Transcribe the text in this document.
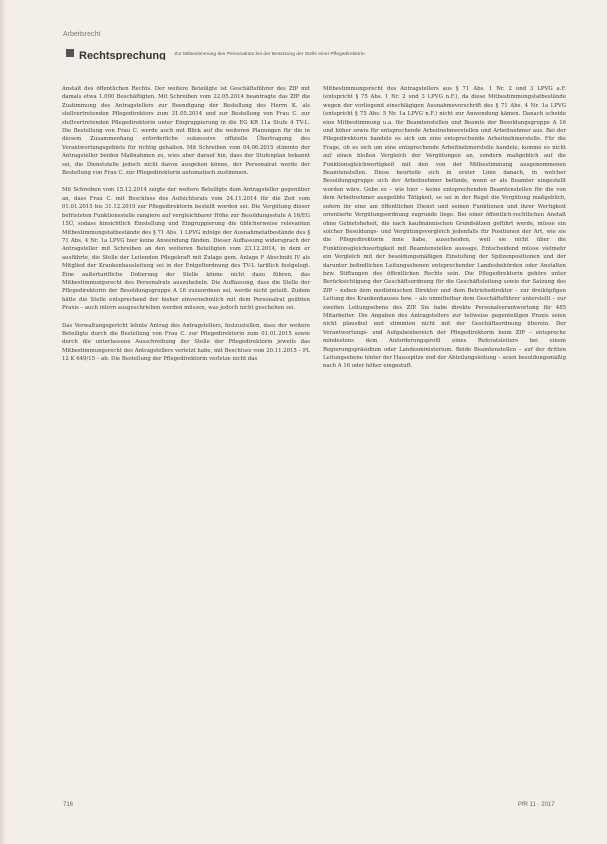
Arbeitsrecht
Rechtsprechung Zur Mitbestimmung des Personalrats bei der Besetzung der Stelle einer Pflegedirektorin

Anstalt des öffentlichen Rechts. Der weitere Beteiligte ist Geschäftsführer des ZfP mit damals etwa 1.000 Beschäftigten. Mit Schreiben vom 22.05.2014 beantragte das ZfP die Zustimmung des Antragstellers zur Beendigung der Bestellung des Herrn K. als stellvertretenden Pflegedirektors zum 31.05.2014 und zur Bestellung von Frau C. zur stellvertretenden Pflegedirektorin unter Eingruppierung in die EG KR 11a Stufe 4 TV-L. Die Bestellung von Frau C. werde auch mit Blick auf die weiteren Planungen für die in diesem Zusammenhang erforderliche sukzessive offizielle Übertragung des Verantwortungsgebiets für richtig gehalten. Mit Schreiben vom 04.06.2015 stimmte der Antragsteller beiden Maßnahmen zu, wies aber darauf hin, dass der Stufenplan bekannt sei, die Dienststelle jedoch nicht davon ausgehen könne, der Personalrat werde der Bestellung von Frau C. zur Pflegedirektorin automatisch zustimmen.

Mit Schreiben vom 15.12.2014 zeigte der weitere Beteiligte dem Antragsteller gegenüber an, dass Frau C. mit Beschluss des Aufsichtsrats vom 24.11.2014 für die Zeit vom 01.01.2015 bis 31.12.2019 zur Pflegedirektorin bestellt worden sei. Die Vergütung dieser befristeten Funktionsstelle rangiere auf vergleichbarer Höhe zur Besoldungsstufe A 16/EG 15Ü, sodass hinsichtlich Einstellung und Eingruppierung die üblicherweise relevanten Mitbestimmungstatbestände des § 71 Abs. 1 LPVG infolge der Ausnahmetatbestände des § 71 Abs. 4 Nr. 1a LPVG hier keine Anwendung fänden. Dieser Auffassung widersprach der Antragsteller mit Schreiben an den weiteren Beteiligten vom 23.12.2014, in dem er ausführte, die Stelle der Leitenden Pflegekraft mit Zulage gem. Anlage F Abschnitt IV als Mitglied der Krankenhausleitung sei in der Entgeltordnung des TV-L tariflich festgelegt. Eine außertarifliche Dotierung der Stelle könne nicht dazu führen, das Mitbestimmungsrecht des Personalrats auszuhebeln. Die Auffassung, dass die Stelle der Pflegedirektorin der Besoldungsgruppe A 16 zuzuordnen sei, werde nicht geteilt. Zudem hätte die Stelle entsprechend der bisher einvernehmlich mit dem Personalrat geübten Praxis – auch intern ausgeschrieben werden müssen, was jedoch nicht geschehen sei.

Das Verwaltungsgericht lehnte Antrag des Antragstellers, festzustellen, dass der weitere Beteiligte durch die Bestellung von Frau C. zur Pflegedirektorin zum 01.01.2015 sowie durch die unterlassene Ausschreibung der Stelle der Pflegedirektorin jeweils das Mitbestimmungsrecht des Antragstellers verletzt habe, mit Beschluss vom 20.11.2015 – PL 12 K 649/15 – ab. Die Bestellung der Pflegedirektorin verletze nicht das

Mitbestimmungsrecht des Antragstellers aus § 71 Abs. 1 Nr. 2 und 3 LPVG a.F. (entspricht § 75 Abs. 1 Nr. 2 und 3 LPVG n.F.), da diese Mitbestimmungstatbestände wegen der vorliegend einschlägigen Ausnahmevorschrift des § 71 Abs. 4 Nr. 1a LPVG (entspricht § 75 Abs. 5 Nr. 1a LPVG n.F.) nicht zur Anwendung kämen. Danach scheide eine Mitbestimmung u.a. für Beamtenstellen und Beamte der Besoldungsgruppe A 16 und höher sowie für entsprechende Arbeitnehmerstellen und Arbeitnehmer aus. Bei der Pflegedirektorin handele es sich um eine entsprechende Arbeitnehmerstelle. Für die Frage, ob es sich um eine entsprechende Arbeitnehmerstelle handele, komme es nicht auf einen bloßen Vergleich der Vergütungen an, sondern maßgeblich auf die Funktionsgleichwertigkeit mit den von der Mitbestimmung ausgenommenen Beamtenstellen. Diese beurteile sich in erster Linie danach, in welcher Besoldungsgruppe sich der Arbeitnehmer befände, wenn er als Beamter eingestellt worden wäre. Gebe es – wie hier – keine entsprechenden Beamtenstellen für die von dem Arbeitnehmer ausgeübte Tätigkeit, so sei in der Regel die Vergütung maßgeblich, sofern ihr eine am öffentlichen Dienst und seinen Funktionen und ihrer Wertigkeit orientierte Vergütungsordnung zugrunde liege. Bei einer öffentlich-rechtlichen Anstalt ohne Gebietshoheit, die nach kaufmännischen Grundsätzen geführt werde, müsse ein solcher Besoldungs- und Vergütungsvergleich jedenfalls für Positionen der Art, wie sie die Pflegedirektorin inne habe, ausscheiden, weil sie nicht über die Funktionsgleichwertigkeit mit Beamtenstellen aussage. Entscheidend müsse vielmehr ein Vergleich mit der besoldungsmäßigen Einstufung der Spitzenpositionen und der darunter befindlichen Leitungsebenen entsprechender Landesbehörden oder Anstalten bzw. Stiftungen des öffentlichen Rechts sein. Die Pflegedirektorin gehöre unter Berücksichtigung der Geschäftsordnung für die Geschäftsleitung sowie der Satzung des ZfP – neben dem medizinischen Direktor und dem Betriebsdirektor – zur dreiköpfigen Leitung des Krankenhauses bzw. – als unmittelbar dem Geschäftsführer unterstellt – zur zweiten Leitungsebene des ZfP. Sie habe direkte Personalverantwortung für 485 Mitarbeiter. Die Angaben des Antragstellers zur teilweise gegenteiligen Praxis seien nicht plausibel und stimmten nicht mit der Geschäftsordnung überein. Der Verantwortungs- und Aufgabenbereich der Pflegedirektorin beim ZfP – entspreche mindestens dem Anforderungsprofil eines Referatsleiters bei einem Regierungspräsidium oder Landesministerium. Beide Beamtenstellen – auf der dritten Leitungsebene hinter der Hausspitze und der Abteilungsleitung – seien besoldungsmäßig nach A 16 oder höher eingestuft.

716	PfR 11 · 2017
